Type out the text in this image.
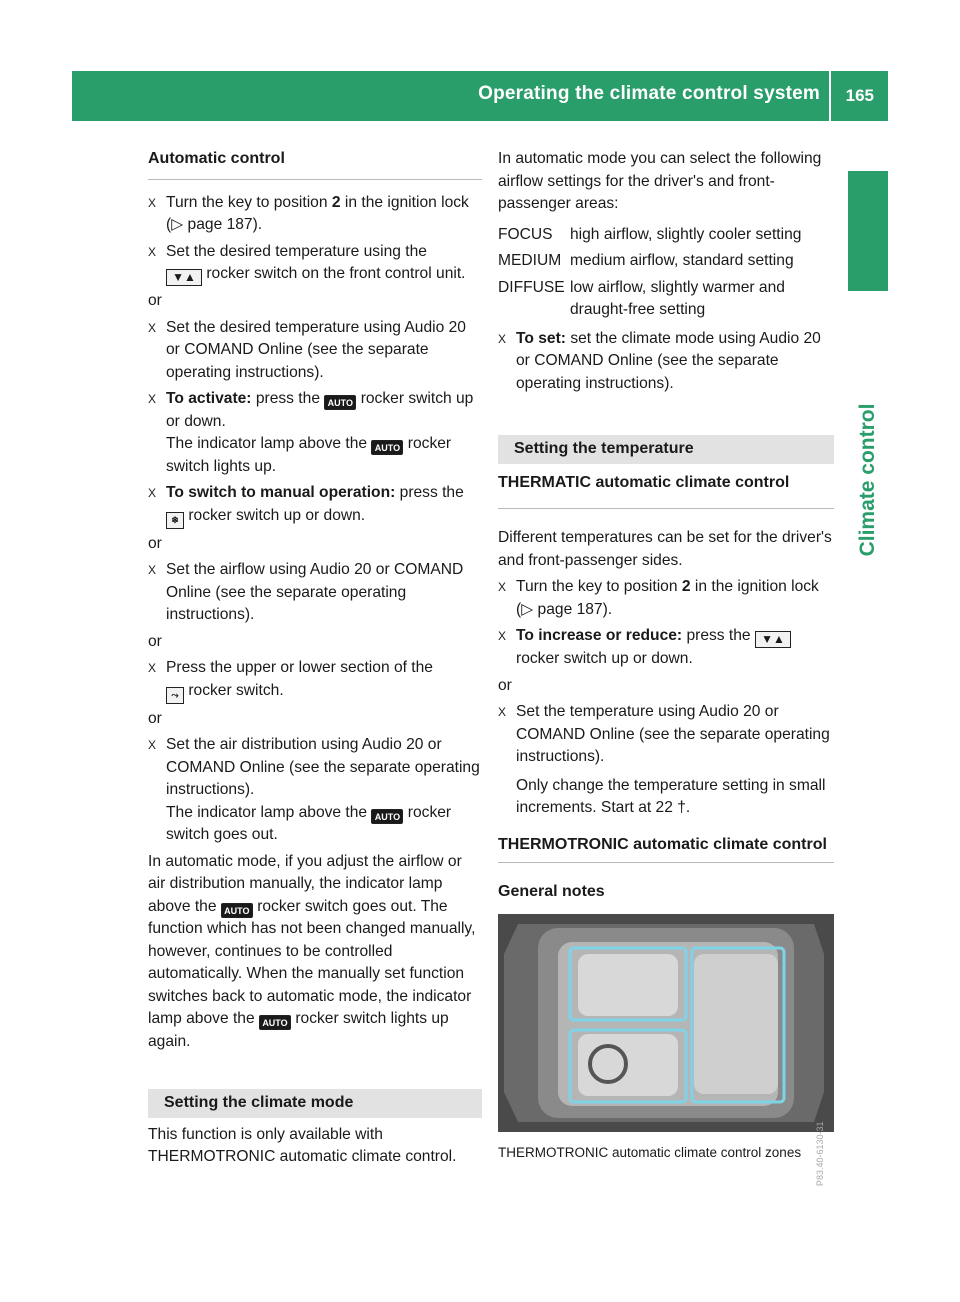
Operating the climate control system 165
Climate control
Automatic control
X Turn the key to position 2 in the ignition lock (▷ page 187).
X Set the desired temperature using the
▼▲ rocker switch on the front control unit.
or
X Set the desired temperature using Audio 20 or COMAND Online (see the separate operating instructions).
X To activate: press the AUTO rocker switch up or down.
The indicator lamp above the AUTO rocker switch lights up.
X To switch to manual operation: press the
❄ rocker switch up or down.
or
X Set the airflow using Audio 20 or COMAND Online (see the separate operating instructions).
or
X Press the upper or lower section of the
⤳ rocker switch.
or
X Set the air distribution using Audio 20 or COMAND Online (see the separate operating instructions).
The indicator lamp above the AUTO rocker switch goes out.
In automatic mode, if you adjust the airflow or air distribution manually, the indicator lamp above the AUTO rocker switch goes out. The function which has not been changed manually, however, continues to be controlled automatically. When the manually set function switches back to automatic mode, the indicator lamp above the AUTO rocker switch lights up again.
Setting the climate mode
This function is only available with THERMOTRONIC automatic climate control.
In automatic mode you can select the following airflow settings for the driver's and front-passenger areas:
FOCUS	high airflow, slightly cooler setting
MEDIUM medium airflow, standard setting
DIFFUSE low airflow, slightly warmer and draught-free setting
X To set: set the climate mode using Audio 20 or COMAND Online (see the separate operating instructions).
Setting the temperature
THERMATIC automatic climate control
Different temperatures can be set for the driver's and front-passenger sides.
X Turn the key to position 2 in the ignition lock (▷ page 187).
X To increase or reduce: press the ▼▲
rocker switch up or down.
or
X Set the temperature using Audio 20 or COMAND Online (see the separate operating instructions).
Only change the temperature setting in small increments. Start at 22 †.
THERMOTRONIC automatic climate control
General notes
P83.40-6130-31
THERMOTRONIC automatic climate control zones
